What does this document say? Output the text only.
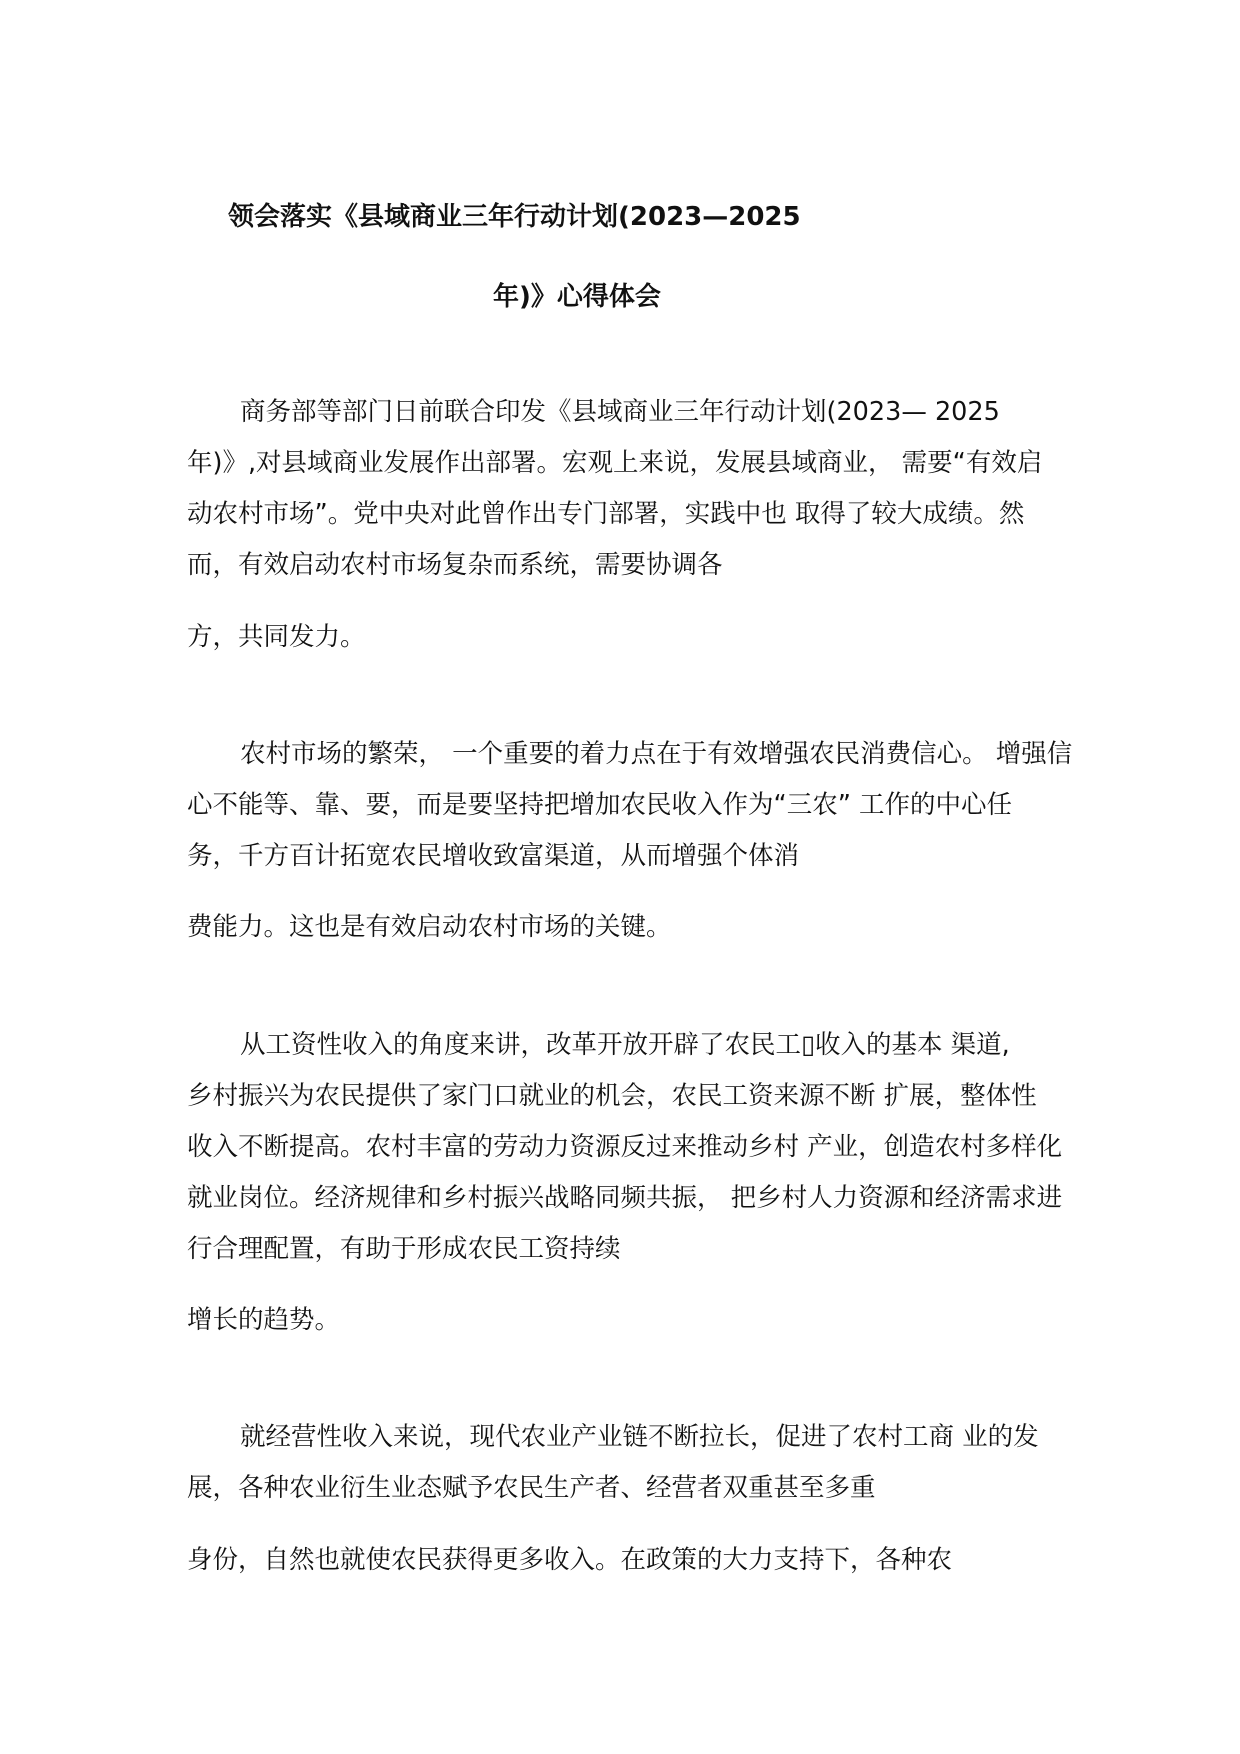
领会落实《县域商业三年行动计划(2023—2025
年)》心得体会
商务部等部门日前联合印发《县域商业三年行动计划(2023— 2025
年)》,对县域商业发展作出部署。宏观上来说，发展县域商业， 需要“有效启
动农村市场”。党中央对此曾作出专门部署，实践中也 取得了较大成绩。然
而，有效启动农村市场复杂而系统，需要协调各
方，共同发力。
农村市场的繁荣， 一个重要的着力点在于有效增强农民消费信心。 增强信
心不能等、靠、要，而是要坚持把增加农民收入作为“三农” 工作的中心任
务，千方百计拓宽农民增收致富渠道，从而增强个体消
费能力。这也是有效启动农村市场的关键。
从工资性收入的角度来讲，改革开放开辟了农民工▯收入的基本 渠道,
乡村振兴为农民提供了家门口就业的机会，农民工资来源不断 扩展，整体性
收入不断提高。农村丰富的劳动力资源反过来推动乡村 产业，创造农村多样化
就业岗位。经济规律和乡村振兴战略同频共振， 把乡村人力资源和经济需求进
行合理配置，有助于形成农民工资持续
增长的趋势。
就经营性收入来说，现代农业产业链不断拉长，促进了农村工商 业的发
展，各种农业衍生业态赋予农民生产者、经营者双重甚至多重
身份，自然也就使农民获得更多收入。在政策的大力支持下，各种农
